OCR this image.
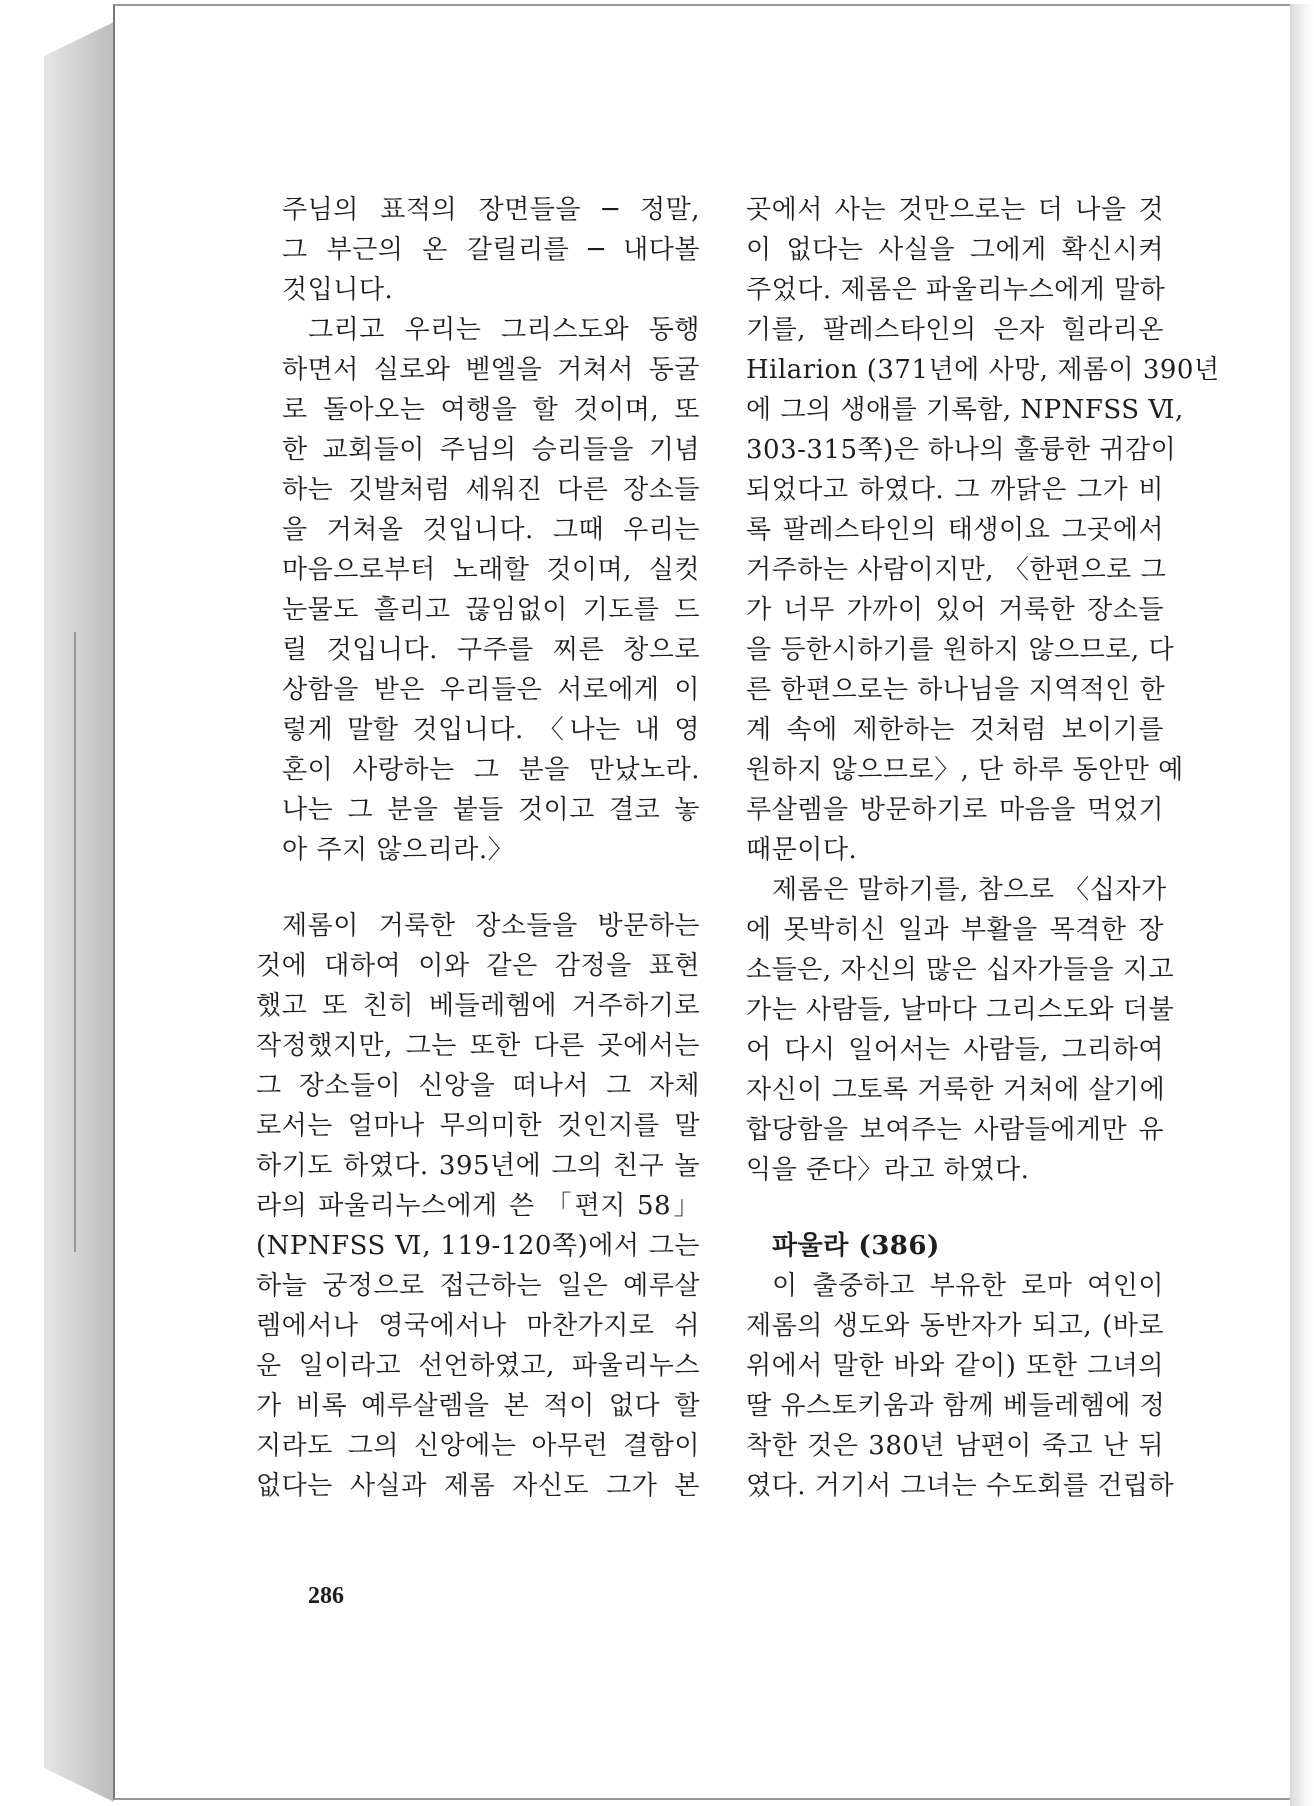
주님의 표적의 장면들을 ─ 정말,
그 부근의 온 갈릴리를 ─ 내다볼
것입니다.
그리고 우리는 그리스도와 동행
하면서 실로와 벧엘을 거쳐서 동굴
로 돌아오는 여행을 할 것이며, 또
한 교회들이 주님의 승리들을 기념
하는 깃발처럼 세워진 다른 장소들
을 거쳐올 것입니다. 그때 우리는
마음으로부터 노래할 것이며, 실컷
눈물도 흘리고 끊임없이 기도를 드
릴 것입니다. 구주를 찌른 창으로
상함을 받은 우리들은 서로에게 이
렇게 말할 것입니다. 〈나는 내 영
혼이 사랑하는 그 분을 만났노라.
나는 그 분을 붙들 것이고 결코 놓
아 주지 않으리라.〉
제롬이 거룩한 장소들을 방문하는
것에 대하여 이와 같은 감정을 표현
했고 또 친히 베들레헴에 거주하기로
작정했지만, 그는 또한 다른 곳에서는
그 장소들이 신앙을 떠나서 그 자체
로서는 얼마나 무의미한 것인지를 말
하기도 하였다. 395년에 그의 친구 놀
라의 파울리누스에게 쓴 「편지 58」
(NPNFSS Ⅵ, 119-120쪽)에서 그는
하늘 궁정으로 접근하는 일은 예루살
렘에서나 영국에서나 마찬가지로 쉬
운 일이라고 선언하였고, 파울리누스
가 비록 예루살렘을 본 적이 없다 할
지라도 그의 신앙에는 아무런 결함이
없다는 사실과 제롬 자신도 그가 본
곳에서 사는 것만으로는 더 나을 것
이 없다는 사실을 그에게 확신시켜
주었다. 제롬은 파울리누스에게 말하
기를, 팔레스타인의 은자 힐라리온
Hilarion (371년에 사망, 제롬이 390년
에 그의 생애를 기록함, NPNFSS Ⅵ,
303-315쪽)은 하나의 훌륭한 귀감이
되었다고 하였다. 그 까닭은 그가 비
록 팔레스타인의 태생이요 그곳에서
거주하는 사람이지만, 〈한편으로 그
가 너무 가까이 있어 거룩한 장소들
을 등한시하기를 원하지 않으므로, 다
른 한편으로는 하나님을 지역적인 한
계 속에 제한하는 것처럼 보이기를
원하지 않으므로〉, 단 하루 동안만 예
루살렘을 방문하기로 마음을 먹었기
때문이다.
제롬은 말하기를, 참으로 〈십자가
에 못박히신 일과 부활을 목격한 장
소들은, 자신의 많은 십자가들을 지고
가는 사람들, 날마다 그리스도와 더불
어 다시 일어서는 사람들, 그리하여
자신이 그토록 거룩한 거처에 살기에
합당함을 보여주는 사람들에게만 유
익을 준다〉라고 하였다.
파울라 (386)
이 출중하고 부유한 로마 여인이
제롬의 생도와 동반자가 되고, (바로
위에서 말한 바와 같이) 또한 그녀의
딸 유스토키움과 함께 베들레헴에 정
착한 것은 380년 남편이 죽고 난 뒤
였다. 거기서 그녀는 수도회를 건립하
286
